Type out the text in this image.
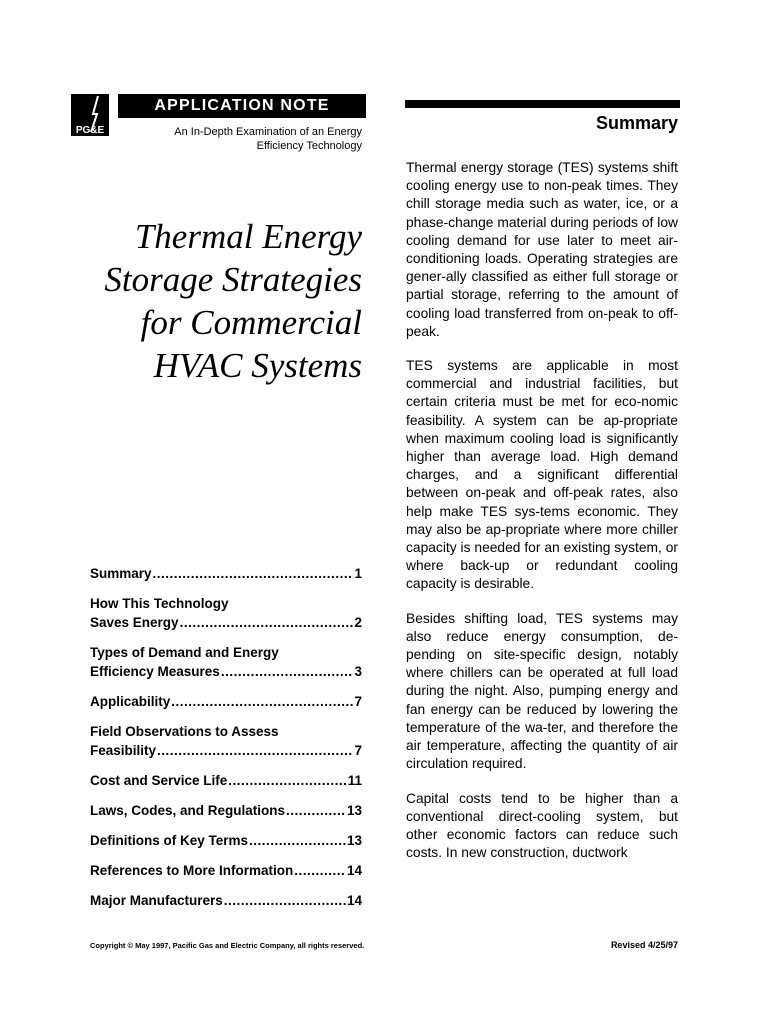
PG&E
APPLICATION NOTE
An In-Depth Examination of an Energy
Efficiency Technology
Thermal Energy
Storage Strategies
for Commercial
HVAC Systems
Summary .....	1
How This Technology
Saves Energy .....	2
Types of Demand and Energy
Efficiency Measures .....	3
Applicability .....	7
Field Observations to Assess
Feasibility .....	7
Cost and Service Life .....	11
Laws, Codes, and Regulations .....	13
Definitions of Key Terms .....	13
References to More Information .....	14
Major Manufacturers .....	14
Copyright © May 1997, Pacific Gas and Electric Company, all rights reserved.	Revised 4/25/97
Summary

Thermal energy storage (TES) systems shift cooling energy use to non-peak times. They chill storage media such as water, ice, or a phase-change material during periods of low cooling demand for use later to meet air-conditioning loads. Operating strategies are gener-ally classified as either full storage or partial storage, referring to the amount of cooling load transferred from on-peak to off-peak.

TES systems are applicable in most commercial and industrial facilities, but certain criteria must be met for eco-nomic feasibility. A system can be ap-propriate when maximum cooling load is significantly higher than average load. High demand charges, and a significant differential between on-peak and off-peak rates, also help make TES sys-tems economic. They may also be ap-propriate where more chiller capacity is needed for an existing system, or where back-up or redundant cooling capacity is desirable.

Besides shifting load, TES systems may also reduce energy consumption, de-pending on site-specific design, notably where chillers can be operated at full load during the night. Also, pumping energy and fan energy can be reduced by lowering the temperature of the wa-ter, and therefore the air temperature, affecting the quantity of air circulation required.

Capital costs tend to be higher than a conventional direct-cooling system, but other economic factors can reduce such costs. In new construction, ductwork
